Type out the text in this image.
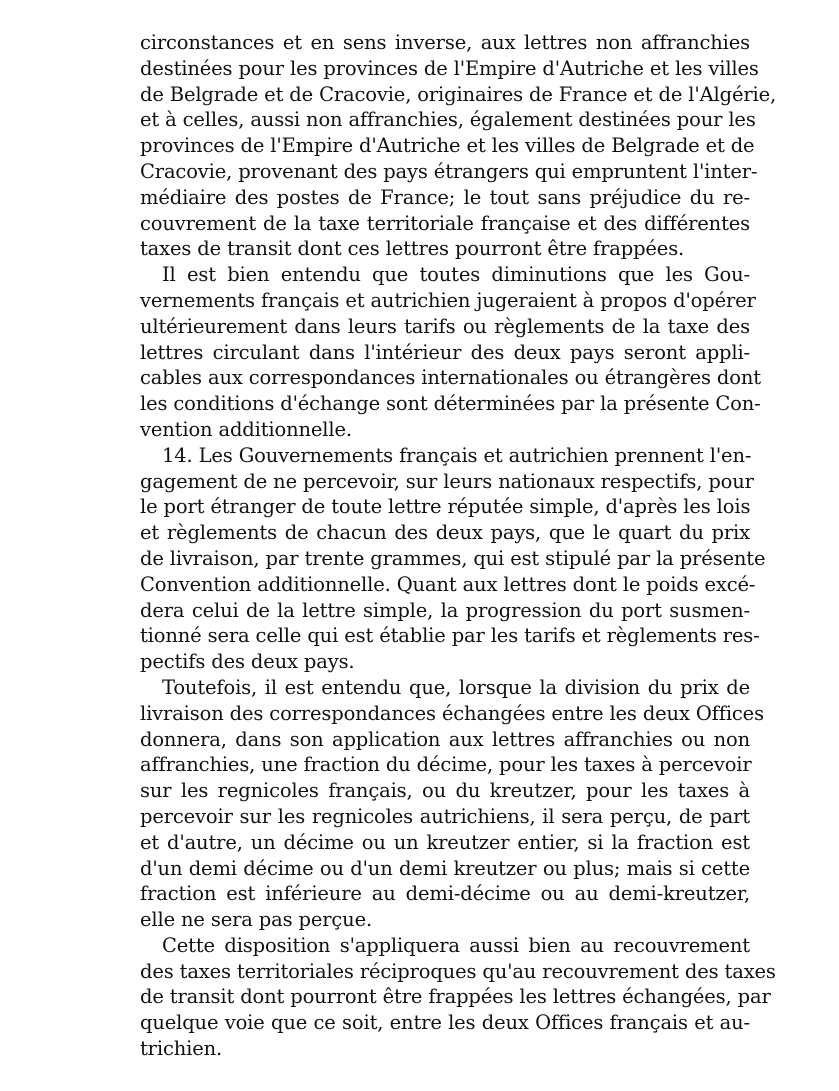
circonstances et en sens inverse, aux lettres non affranchies
destinées pour les provinces de l'Empire d'Autriche et les villes
de Belgrade et de Cracovie, originaires de France et de l'Algérie,
et à celles, aussi non affranchies, également destinées pour les
provinces de l'Empire d'Autriche et les villes de Belgrade et de
Cracovie, provenant des pays étrangers qui empruntent l'inter-
médiaire des postes de France; le tout sans préjudice du re-
couvrement de la taxe territoriale française et des différentes
taxes de transit dont ces lettres pourront être frappées.

Il est bien entendu que toutes diminutions que les Gou-
vernements français et autrichien jugeraient à propos d'opérer
ultérieurement dans leurs tarifs ou règlements de la taxe des
lettres circulant dans l'intérieur des deux pays seront appli-
cables aux correspondances internationales ou étrangères dont
les conditions d'échange sont déterminées par la présente Con-
vention additionnelle.

14. Les Gouvernements français et autrichien prennent l'en-
gagement de ne percevoir, sur leurs nationaux respectifs, pour
le port étranger de toute lettre réputée simple, d'après les lois
et règlements de chacun des deux pays, que le quart du prix
de livraison, par trente grammes, qui est stipulé par la présente
Convention additionnelle. Quant aux lettres dont le poids excé-
dera celui de la lettre simple, la progression du port susmen-
tionné sera celle qui est établie par les tarifs et règlements res-
pectifs des deux pays.

Toutefois, il est entendu que, lorsque la division du prix de
livraison des correspondances échangées entre les deux Offices
donnera, dans son application aux lettres affranchies ou non
affranchies, une fraction du décime, pour les taxes à percevoir
sur les regnicoles français, ou du kreutzer, pour les taxes à
percevoir sur les regnicoles autrichiens, il sera perçu, de part
et d'autre, un décime ou un kreutzer entier, si la fraction est
d'un demi décime ou d'un demi kreutzer ou plus; mais si cette
fraction est inférieure au demi-décime ou au demi-kreutzer,
elle ne sera pas perçue.

Cette disposition s'appliquera aussi bien au recouvrement
des taxes territoriales réciproques qu'au recouvrement des taxes
de transit dont pourront être frappées les lettres échangées, par
quelque voie que ce soit, entre les deux Offices français et au-
trichien.
